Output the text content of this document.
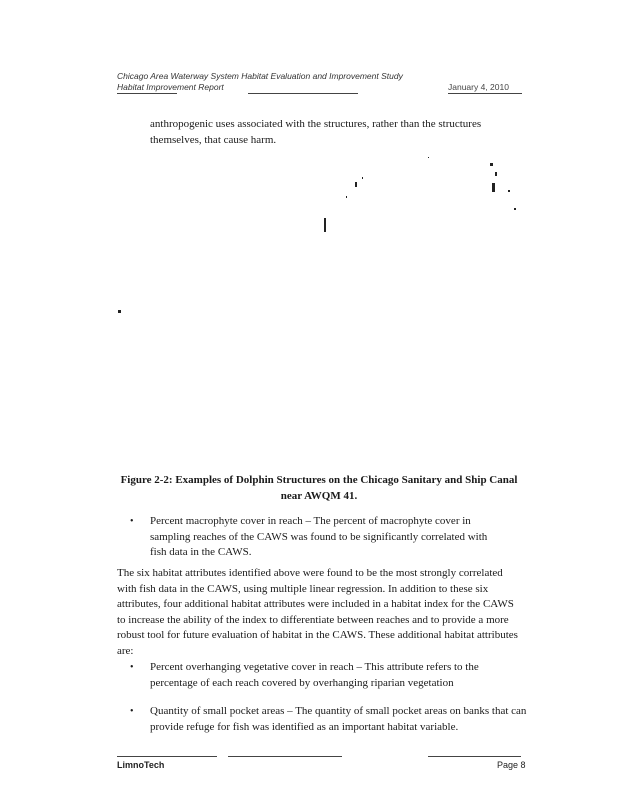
Chicago Area Waterway System Habitat Evaluation and Improvement Study
Habitat Improvement Report	January 4, 2010

anthropogenic uses associated with the structures, rather than the structures themselves, that cause harm.

Figure 2-2: Examples of Dolphin Structures on the Chicago Sanitary and Ship Canal near AWQM 41.

• Percent macrophyte cover in reach – The percent of macrophyte cover in sampling reaches of the CAWS was found to be significantly correlated with fish data in the CAWS.

The six habitat attributes identified above were found to be the most strongly correlated with fish data in the CAWS, using multiple linear regression. In addition to these six attributes, four additional habitat attributes were included in a habitat index for the CAWS to increase the ability of the index to differentiate between reaches and to provide a more robust tool for future evaluation of habitat in the CAWS. These additional habitat attributes are:

• Percent overhanging vegetative cover in reach – This attribute refers to the percentage of each reach covered by overhanging riparian vegetation
• Quantity of small pocket areas – The quantity of small pocket areas on banks that can provide refuge for fish was identified as an important habitat variable.
LimnoTech	Page 8
